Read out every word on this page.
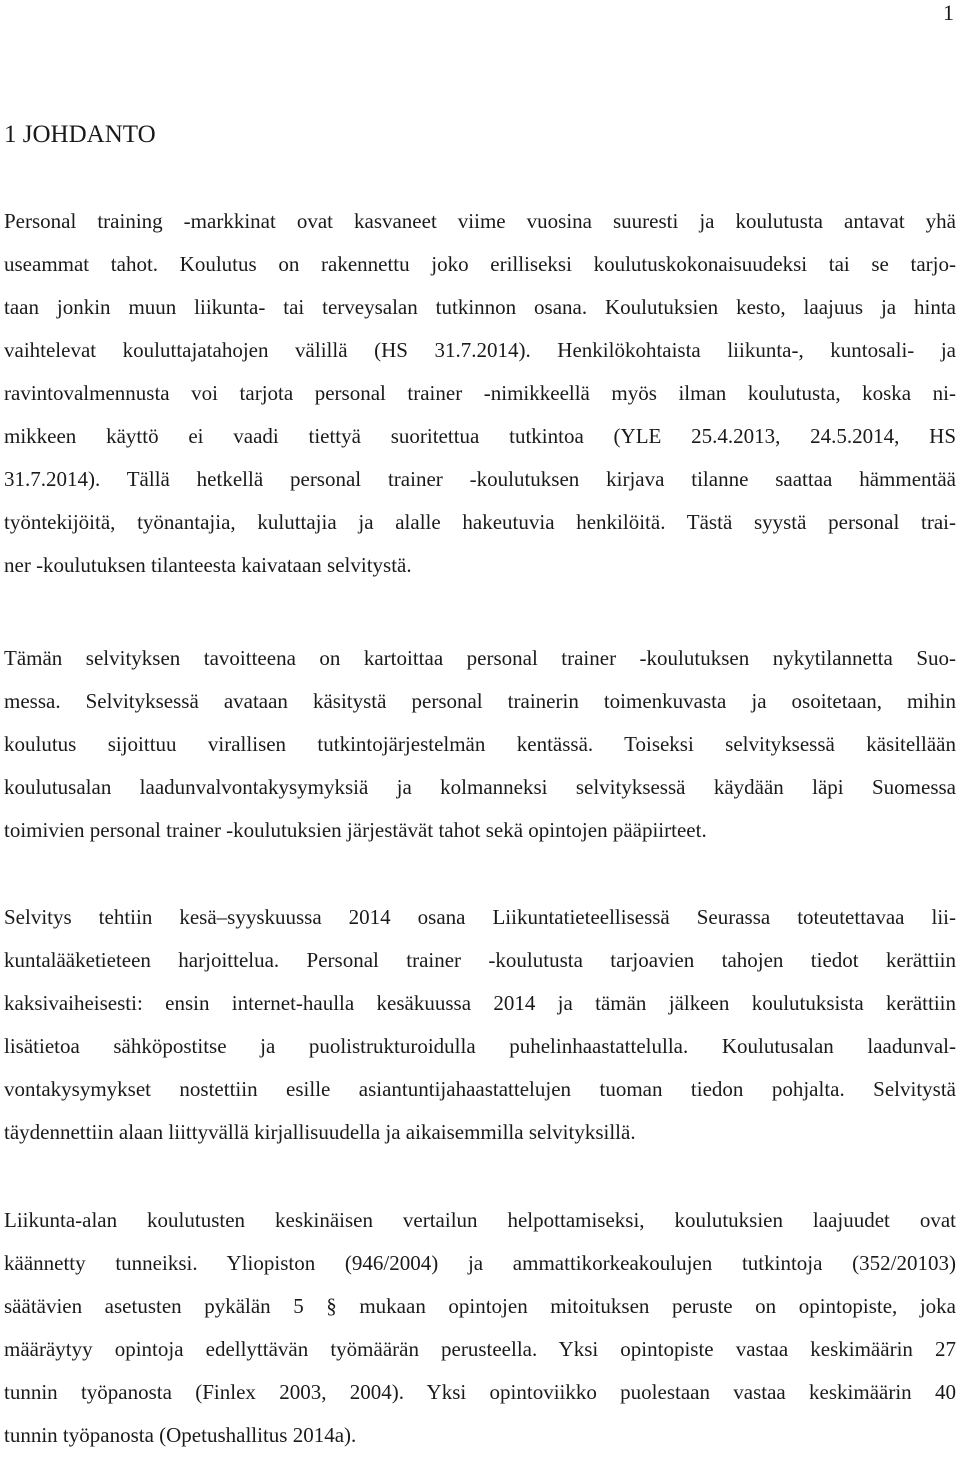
1
1 JOHDANTO
Personal training -markkinat ovat kasvaneet viime vuosina suuresti ja koulutusta antavat yhä
useammat tahot. Koulutus on rakennettu joko erilliseksi koulutuskokonaisuudeksi tai se tarjo-
taan jonkin muun liikunta- tai terveysalan tutkinnon osana. Koulutuksien kesto, laajuus ja hinta
vaihtelevat kouluttajatahojen välillä (HS 31.7.2014). Henkilökohtaista liikunta-, kuntosali- ja
ravintovalmennusta voi tarjota personal trainer -nimikkeellä myös ilman koulutusta, koska ni-
mikkeen käyttö ei vaadi tiettyä suoritettua tutkintoa (YLE 25.4.2013, 24.5.2014, HS
31.7.2014). Tällä hetkellä personal trainer -koulutuksen kirjava tilanne saattaa hämmentää
työntekijöitä, työnantajia, kuluttajia ja alalle hakeutuvia henkilöitä. Tästä syystä personal trai-
ner -koulutuksen tilanteesta kaivataan selvitystä.
Tämän selvityksen tavoitteena on kartoittaa personal trainer -koulutuksen nykytilannetta Suo-
messa. Selvityksessä avataan käsitystä personal trainerin toimenkuvasta ja osoitetaan, mihin
koulutus sijoittuu virallisen tutkintojärjestelmän kentässä. Toiseksi selvityksessä käsitellään
koulutusalan laadunvalvontakysymyksiä ja kolmanneksi selvityksessä käydään läpi Suomessa
toimivien personal trainer -koulutuksien järjestävät tahot sekä opintojen pääpiirteet.
Selvitys tehtiin kesä–syyskuussa 2014 osana Liikuntatieteellisessä Seurassa toteutettavaa lii-
kuntalääketieteen harjoittelua. Personal trainer -koulutusta tarjoavien tahojen tiedot kerättiin
kaksivaiheisesti: ensin internet-haulla kesäkuussa 2014 ja tämän jälkeen koulutuksista kerättiin
lisätietoa sähköpostitse ja puolistrukturoidulla puhelinhaastattelulla. Koulutusalan laadunval-
vontakysymykset nostettiin esille asiantuntijahaastattelujen tuoman tiedon pohjalta. Selvitystä
täydennettiin alaan liittyvällä kirjallisuudella ja aikaisemmilla selvityksillä.
Liikunta-alan koulutusten keskinäisen vertailun helpottamiseksi, koulutuksien laajuudet ovat
käännetty tunneiksi. Yliopiston (946/2004) ja ammattikorkeakoulujen tutkintoja (352/20103)
säätävien asetusten pykälän 5 § mukaan opintojen mitoituksen peruste on opintopiste, joka
määräytyy opintoja edellyttävän työmäärän perusteella. Yksi opintopiste vastaa keskimäärin 27
tunnin työpanosta (Finlex 2003, 2004). Yksi opintoviikko puolestaan vastaa keskimäärin 40
tunnin työpanosta (Opetushallitus 2014a).
